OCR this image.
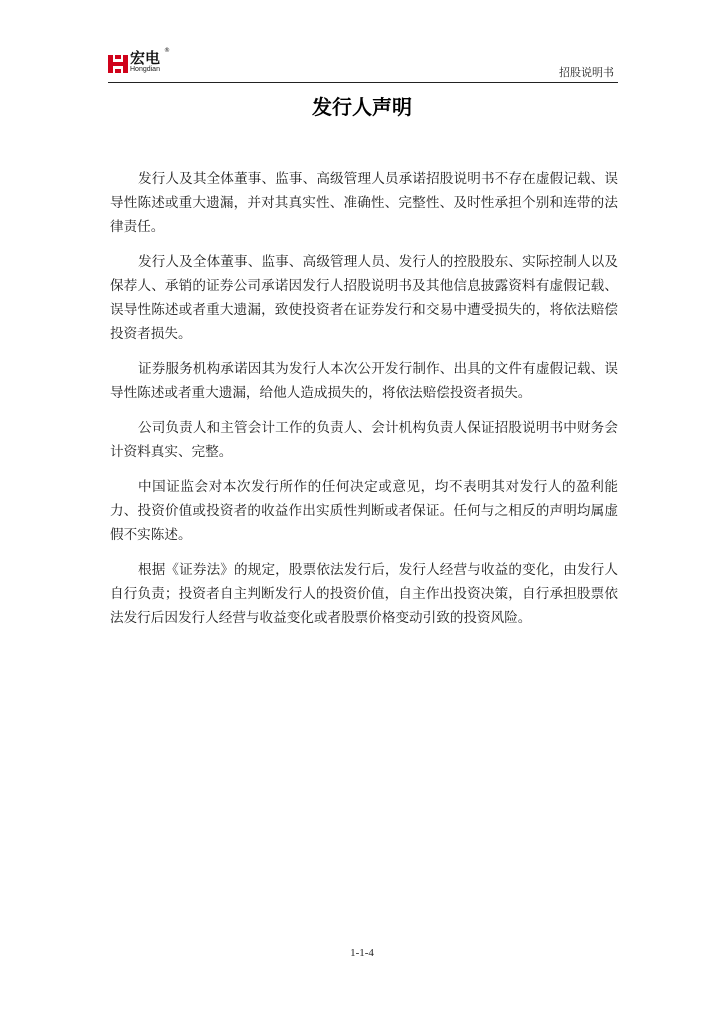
宏电 ®
Hongdian	招股说明书
发行人声明

发行人及其全体董事、监事、高级管理人员承诺招股说明书不存在虚假记载、误导性陈述或重大遗漏，并对其真实性、准确性、完整性、及时性承担个别和连带的法律责任。

发行人及全体董事、监事、高级管理人员、发行人的控股股东、实际控制人以及保荐人、承销的证券公司承诺因发行人招股说明书及其他信息披露资料有虚假记载、误导性陈述或者重大遗漏，致使投资者在证券发行和交易中遭受损失的，将依法赔偿投资者损失。

证券服务机构承诺因其为发行人本次公开发行制作、出具的文件有虚假记载、误导性陈述或者重大遗漏，给他人造成损失的，将依法赔偿投资者损失。

公司负责人和主管会计工作的负责人、会计机构负责人保证招股说明书中财务会计资料真实、完整。

中国证监会对本次发行所作的任何决定或意见，均不表明其对发行人的盈利能力、投资价值或投资者的收益作出实质性判断或者保证。任何与之相反的声明均属虚假不实陈述。

根据《证券法》的规定，股票依法发行后，发行人经营与收益的变化，由发行人自行负责；投资者自主判断发行人的投资价值，自主作出投资决策，自行承担股票依法发行后因发行人经营与收益变化或者股票价格变动引致的投资风险。

1-1-4
